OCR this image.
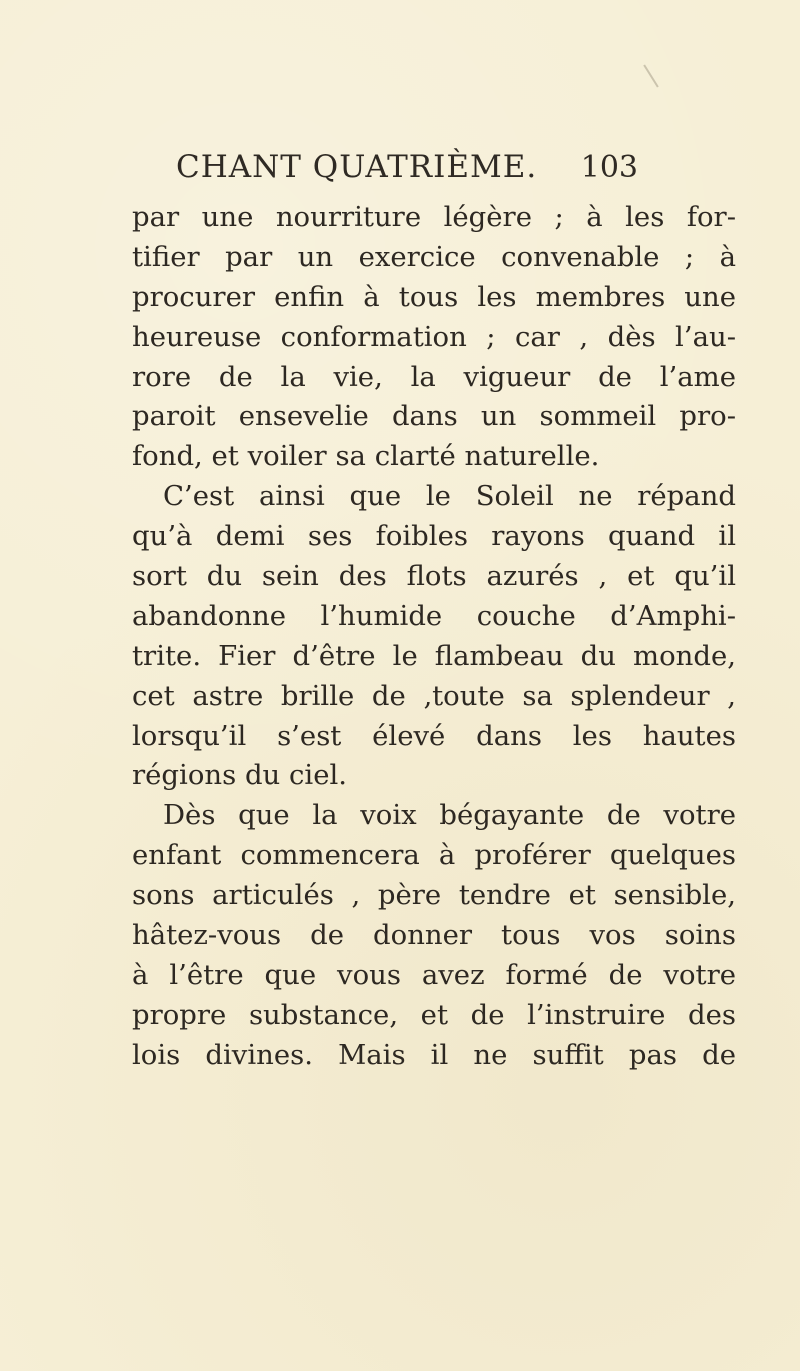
CHANT QUATRIÈME. 103
par une nourriture légère ; à les for-
tifier par un exercice convenable ; à
procurer enfin à tous les membres une
heureuse conformation ; car , dès l’au-
rore de la vie, la vigueur de l’ame
paroit ensevelie dans un sommeil pro-
fond, et voiler sa clarté naturelle.
C’est ainsi que le Soleil ne répand
qu’à demi ses foibles rayons quand il
sort du sein des flots azurés , et qu’il
abandonne l’humide couche d’Amphi-
trite. Fier d’être le flambeau du monde,
cet astre brille de ‚toute sa splendeur ,
lorsqu’il s’est élevé dans les hautes
régions du ciel.
Dès que la voix bégayante de votre
enfant commencera à proférer quelques
sons articulés , père tendre et sensible,
hâtez-vous de donner tous vos soins
à l’être que vous avez formé de votre
propre substance, et de l’instruire des
lois divines. Mais il ne suffit pas de
